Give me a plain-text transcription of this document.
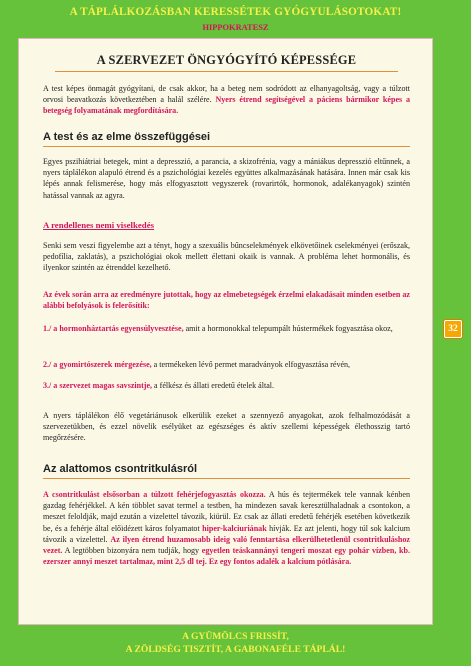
A TÁPLÁLKOZÁSBAN KERESSÉTEK GYÓGYULÁSOTOKAT!
HIPPOKRATESZ
A SZERVEZET ÖNGYÓGYÍTÓ KÉPESSÉGE

A test képes önmagát gyógyítani, de csak akkor, ha a beteg nem sodródott az elhanyagoltság, vagy a túlzott orvosi beavatkozás következtében a halál szélére. Nyers étrend segítségével a páciens bármikor képes a betegség folyamatának megfordítására.

A test és az elme összefüggései

Egyes pszihiátriai betegek, mint a depresszió, a parancia, a skizofrénia, vagy a mániákus depresszió eltűnnek, a nyers táplálékon alapuló étrend és a pszichológiai kezelés együttes alkalmazásának hatására. Innen már csak kis lépés annak felismerése, hogy más elfogyasztott vegyszerek (rovarirtók, hormonok, adalékanyagok) szintén hatással vannak az agyra.

A rendellenes nemi viselkedés

Senki sem veszi figyelembe azt a tényt, hogy a szexuális bűncselekmények elkövetőinek cselekményei (erőszak, pedofília, zaklatás), a pszichológiai okok mellett élettani okaik is vannak. A probléma lehet hormonális, és ilyenkor szintén az étrenddel kezelhető.

Az évek során arra az eredményre jutottak, hogy az elmebetegségek érzelmi elakadásait minden esetben az alábbi befolyások is felerősítik:

1./ a hormonháztartás egyensúlyvesztése, amit a hormonokkal telepumpált hústermékek fogyasztása okoz,

2./ a gyomirtószerek mérgezése, a termékeken lévő permet maradványok elfogyasztása révén,

3./ a szervezet magas savszintje, a félkész és állati eredetű ételek által.

A nyers táplálékon élő vegetáriánusok elkerülik ezeket a szennyező anyagokat, azok felhalmozódását a szervezetükben, és ezzel növelik esélyüket az egészséges és aktív szellemi képességek élethosszig tartó megőrzésére.

Az alattomos csontritkulásról

A csontritkulást elsősorban a túlzott fehérjefogyasztás okozza. A hús és tejtermékek tele vannak kénben gazdag fehérjékkel. A kén többlet savat termel a testben, ha mindezen savak keresztülhaladnak a csontokon, a meszet feloldják, majd ezután a vizelettel távozik, kiürül. Ez csak az állati eredetű fehérjék esetében következik be, és a fehérje által előidézett káros folyamatot hiper-kalciuriának hívják. Ez azt jelenti, hogy túl sok kalcium távozik a vizelettel. Az ilyen étrend huzamosabb ideig való fenntartása elkerülhetetlenül csontritkuláshoz vezet. A legtöbben bizonyára nem tudják, hogy egyetlen teáskannányi tengeri moszat egy pohár vízben, kb. ezerszer annyi meszet tartalmaz, mint 2,5 dl tej. Ez egy fontos adalék a kalcium pótlására.

32
A GYÜMÖLCS FRISSÍT,
A ZÖLDSÉG TISZTÍT, A GABONAFÉLE TÁPLÁL!
